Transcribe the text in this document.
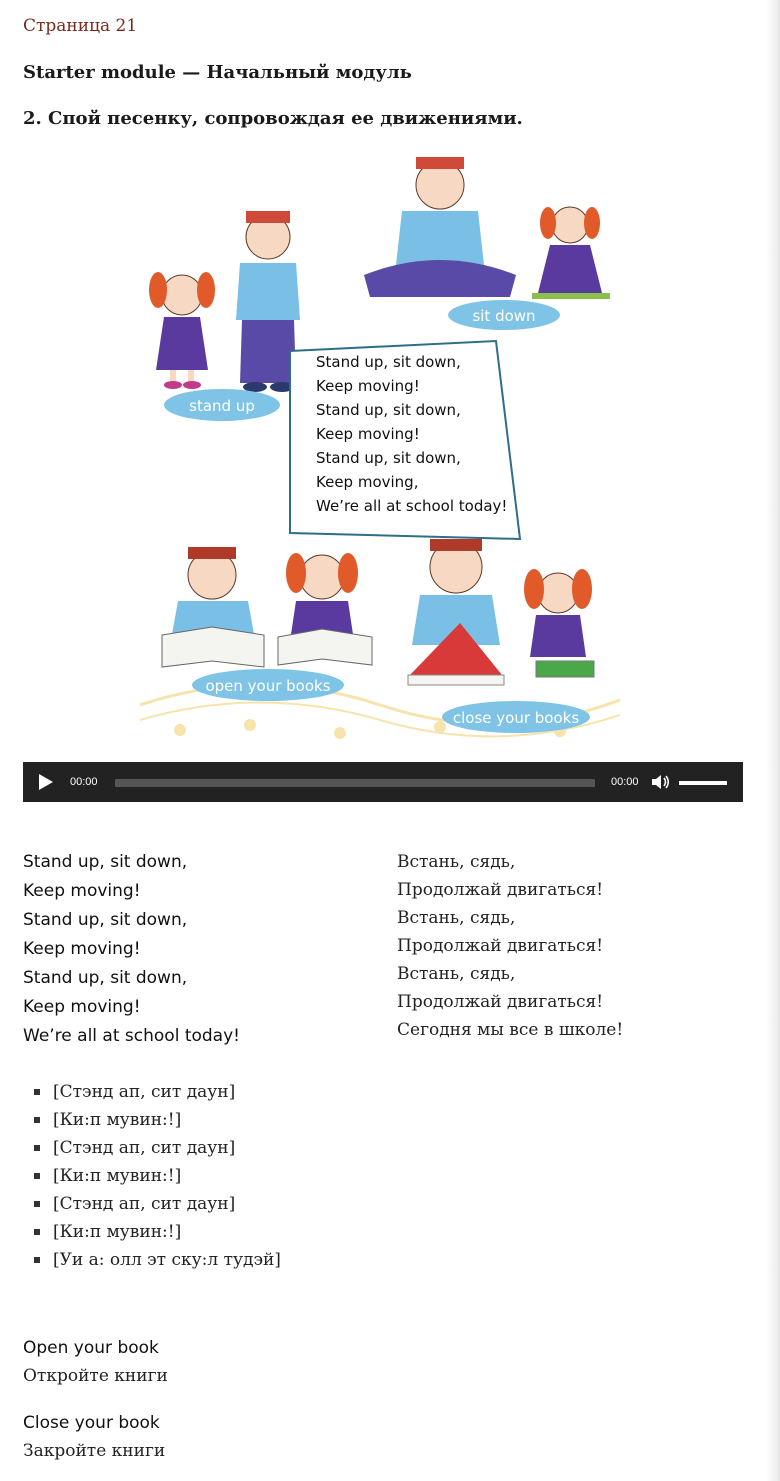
Страница 21
Starter module — Начальный модуль
2. Спой песенку, сопровождая ее движениями.
stand up
sit down
Stand up, sit down, Keep moving! Stand up, sit down, Keep moving! Stand up, sit down, Keep moving, We’re all at school today!
open your books
close your books
00:00	00:00
Stand up, sit down,
Keep moving!
Stand up, sit down,
Keep moving!
Stand up, sit down,
Keep moving!
We’re all at school today!
Встань, сядь,
Продолжай двигаться!
Встань, сядь,
Продолжай двигаться!
Встань, сядь,
Продолжай двигаться!
Сегодня мы все в школе!
[Стэнд ап, сит даун]
[Ки:п мувин:!]
[Стэнд ап, сит даун]
[Ки:п мувин:!]
[Стэнд ап, сит даун]
[Ки:п мувин:!]
[Уи а: олл эт ску:л тудэй]
Open your book
Откройте книги
Close your book
Закройте книги
